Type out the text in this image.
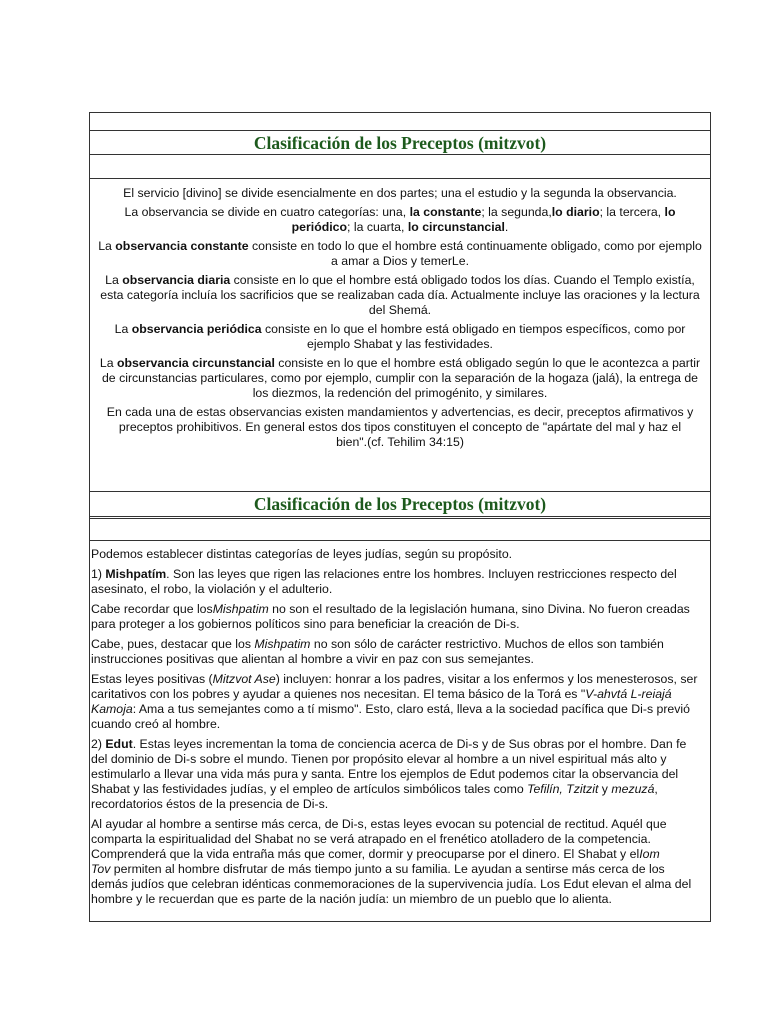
Clasificación de los Preceptos (mitzvot)

El servicio [divino] se divide esencialmente en dos partes; una el estudio y la segunda la observancia.

La observancia se divide en cuatro categorías: una, la constante; la segunda,lo diario; la tercera, lo
periódico; la cuarta, lo circunstancial.

La observancia constante consiste en todo lo que el hombre está continuamente obligado, como por ejemplo
a amar a Dios y temerLe.

La observancia diaria consiste en lo que el hombre está obligado todos los días. Cuando el Templo existía,
esta categoría incluía los sacrificios que se realizaban cada día. Actualmente incluye las oraciones y la lectura
del Shemá.

La observancia periódica consiste en lo que el hombre está obligado en tiempos específicos, como por
ejemplo Shabat y las festividades.

La observancia circunstancial consiste en lo que el hombre está obligado según lo que le acontezca a partir
de circunstancias particulares, como por ejemplo, cumplir con la separación de la hogaza (jalá), la entrega de
los diezmos, la redención del primogénito, y similares.

En cada una de estas observancias existen mandamientos y advertencias, es decir, preceptos afirmativos y
preceptos prohibitivos. En general estos dos tipos constituyen el concepto de "apártate del mal y haz el
bien".(cf. Tehilim 34:15)

Clasificación de los Preceptos (mitzvot)

Podemos establecer distintas categorías de leyes judías, según su propósito.

1) Mishpatím. Son las leyes que rigen las relaciones entre los hombres. Incluyen restricciones respecto del
asesinato, el robo, la violación y el adulterio.

Cabe recordar que losMishpatim no son el resultado de la legislación humana, sino Divina. No fueron creadas
para proteger a los gobiernos políticos sino para beneficiar la creación de Di-s.

Cabe, pues, destacar que los Mishpatim no son sólo de carácter restrictivo. Muchos de ellos son también
instrucciones positivas que alientan al hombre a vivir en paz con sus semejantes.

Estas leyes positivas (Mitzvot Ase) incluyen: honrar a los padres, visitar a los enfermos y los menesterosos, ser
caritativos con los pobres y ayudar a quienes nos necesitan. El tema básico de la Torá es "V-ahvtá L-reiajá
Kamoja: Ama a tus semejantes como a tí mismo". Esto, claro está, lleva a la sociedad pacífica que Di-s previó
cuando creó al hombre.

2) Edut. Estas leyes incrementan la toma de conciencia acerca de Di-s y de Sus obras por el hombre. Dan fe
del dominio de Di-s sobre el mundo. Tienen por propósito elevar al hombre a un nivel espiritual más alto y
estimularlo a llevar una vida más pura y santa. Entre los ejemplos de Edut podemos citar la observancia del
Shabat y las festividades judías, y el empleo de artículos simbólicos tales como Tefilín, Tzitzit y mezuzá,
recordatorios éstos de la presencia de Di-s.

Al ayudar al hombre a sentirse más cerca, de Di-s, estas leyes evocan su potencial de rectitud. Aquél que
comparta la espiritualidad del Shabat no se verá atrapado en el frenético atolladero de la competencia.
Comprenderá que la vida entraña más que comer, dormir y preocuparse por el dinero. El Shabat y elIom
Tov permiten al hombre disfrutar de más tiempo junto a su familia. Le ayudan a sentirse más cerca de los
demás judíos que celebran idénticas conmemoraciones de la supervivencia judía. Los Edut elevan el alma del
hombre y le recuerdan que es parte de la nación judía: un miembro de un pueblo que lo alienta.
